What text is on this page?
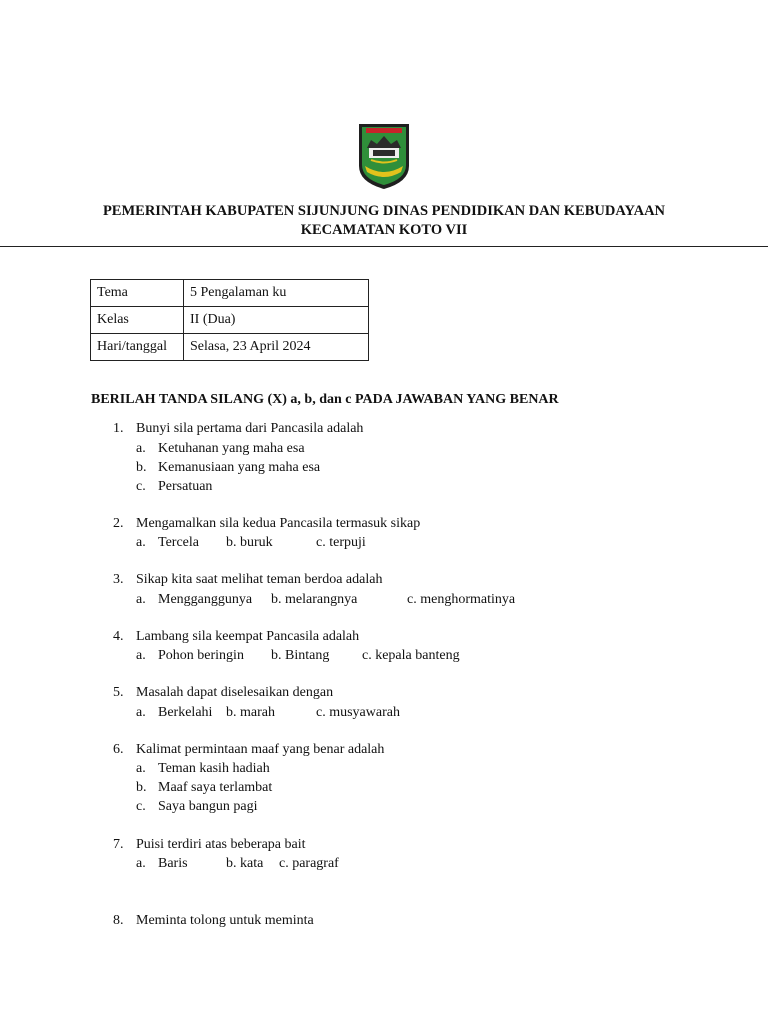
PEMERINTAH KABUPATEN SIJUNJUNG DINAS PENDIDIKAN DAN KEBUDAYAAN
KECAMATAN KOTO VII
Tema	5 Pengalaman ku
Kelas	II (Dua)
Hari/tanggal	Selasa, 23 April 2024
BERILAH TANDA SILANG (X) a, b, dan c PADA JAWABAN YANG BENAR
1. Bunyi sila pertama dari Pancasila adalah
a. Ketuhanan yang maha esa
b. Kemanusiaan yang maha esa
c. Persatuan
2. Mengamalkan sila kedua Pancasila termasuk sikap
a. Tercela b. buruk	c. terpuji
3. Sikap kita saat melihat teman berdoa adalah
a. Mengganggunya b. melarangnya	c. menghormatinya
4. Lambang sila keempat Pancasila adalah
a. Pohon beringin b. Bintang c. kepala banteng
5. Masalah dapat diselesaikan dengan
a. Berkelahi b. marah	c. musyawarah
6. Kalimat permintaan maaf yang benar adalah
a. Teman kasih hadiah
b. Maaf saya terlambat
c. Saya bangun pagi
7. Puisi terdiri atas beberapa bait
a. Baris	b. kata c. paragraf
8. Meminta tolong untuk meminta
